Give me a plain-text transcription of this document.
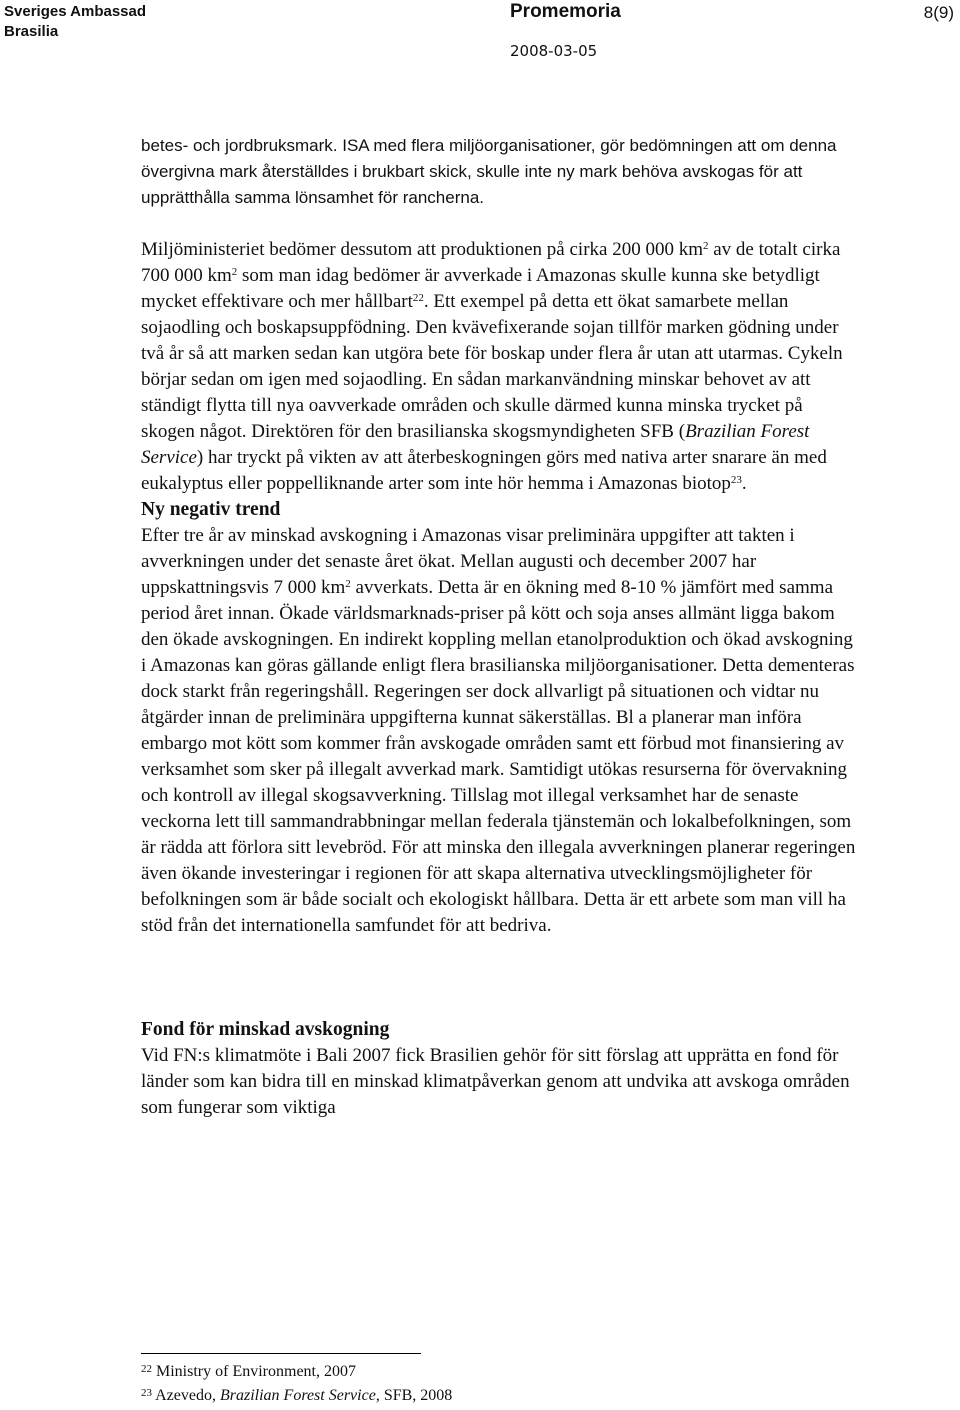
Sveriges Ambassad
Brasilia
Promemoria	8(9)
2008-03-05

betes- och jordbruksmark. ISA med flera miljöorganisationer, gör bedömningen att om denna övergivna mark återställdes i brukbart skick, skulle inte ny mark behöva avskogas för att upprätthålla samma lönsamhet för rancherna.

Miljöministeriet bedömer dessutom att produktionen på cirka 200 000 $km^2$ av de totalt cirka 700 000 $km^2$ som man idag bedömer är avverkade i Amazonas skulle kunna ske betydligt mycket effektivare och mer hållbart$^{22}$. Ett exempel på detta ett ökat samarbete mellan sojaodling och boskapsuppfödning. Den kvävefixerande sojan tillför marken gödning under två år så att marken sedan kan utgöra bete för boskap under flera år utan att utarmas. Cykeln börjar sedan om igen med sojaodling. En sådan markanvändning minskar behovet av att ständigt flytta till nya oavverkade områden och skulle därmed kunna minska trycket på skogen något. Direktören för den brasilianska skogsmyndigheten SFB (Brazilian Forest Service) har tryckt på vikten av att återbeskogningen görs med nativa arter snarare än med eukalyptus eller poppelliknande arter som inte hör hemma i Amazonas biotop$^{23}$.

Ny negativ trend

Efter tre år av minskad avskogning i Amazonas visar preliminära uppgifter att takten i avverkningen under det senaste året ökat. Mellan augusti och december 2007 har uppskattningsvis 7 000 $km^2$ avverkats. Detta är en ökning med 8-10 % jämfört med samma period året innan. Ökade världsmarknads-priser på kött och soja anses allmänt ligga bakom den ökade avskogningen. En indirekt koppling mellan etanolproduktion och ökad avskogning i Amazonas kan göras gällande enligt flera brasilianska miljöorganisationer. Detta dementeras dock starkt från regeringshåll. Regeringen ser dock allvarligt på situationen och vidtar nu åtgärder innan de preliminära uppgifterna kunnat säkerställas. Bl a planerar man införa embargo mot kött som kommer från avskogade områden samt ett förbud mot finansiering av verksamhet som sker på illegalt avverkad mark. Samtidigt utökas resurserna för övervakning och kontroll av illegal skogsavverkning. Tillslag mot illegal verksamhet har de senaste veckorna lett till sammandrabbningar mellan federala tjänstemän och lokalbefolkningen, som är rädda att förlora sitt levebröd. För att minska den illegala avverkningen planerar regeringen även ökande investeringar i regionen för att skapa alternativa utvecklingsmöjligheter för befolkningen som är både socialt och ekologiskt hållbara. Detta är ett arbete som man vill ha stöd från det internationella samfundet för att bedriva.

Fond för minskad avskogning

Vid FN:s klimatmöte i Bali 2007 fick Brasilien gehör för sitt förslag att upprätta en fond för länder som kan bidra till en minskad klimatpåverkan genom att undvika att avskoga områden som fungerar som viktiga

$^{22}$ Ministry of Environment, 2007

$^{23}$ Azevedo, Brazilian Forest Service, SFB, 2008
